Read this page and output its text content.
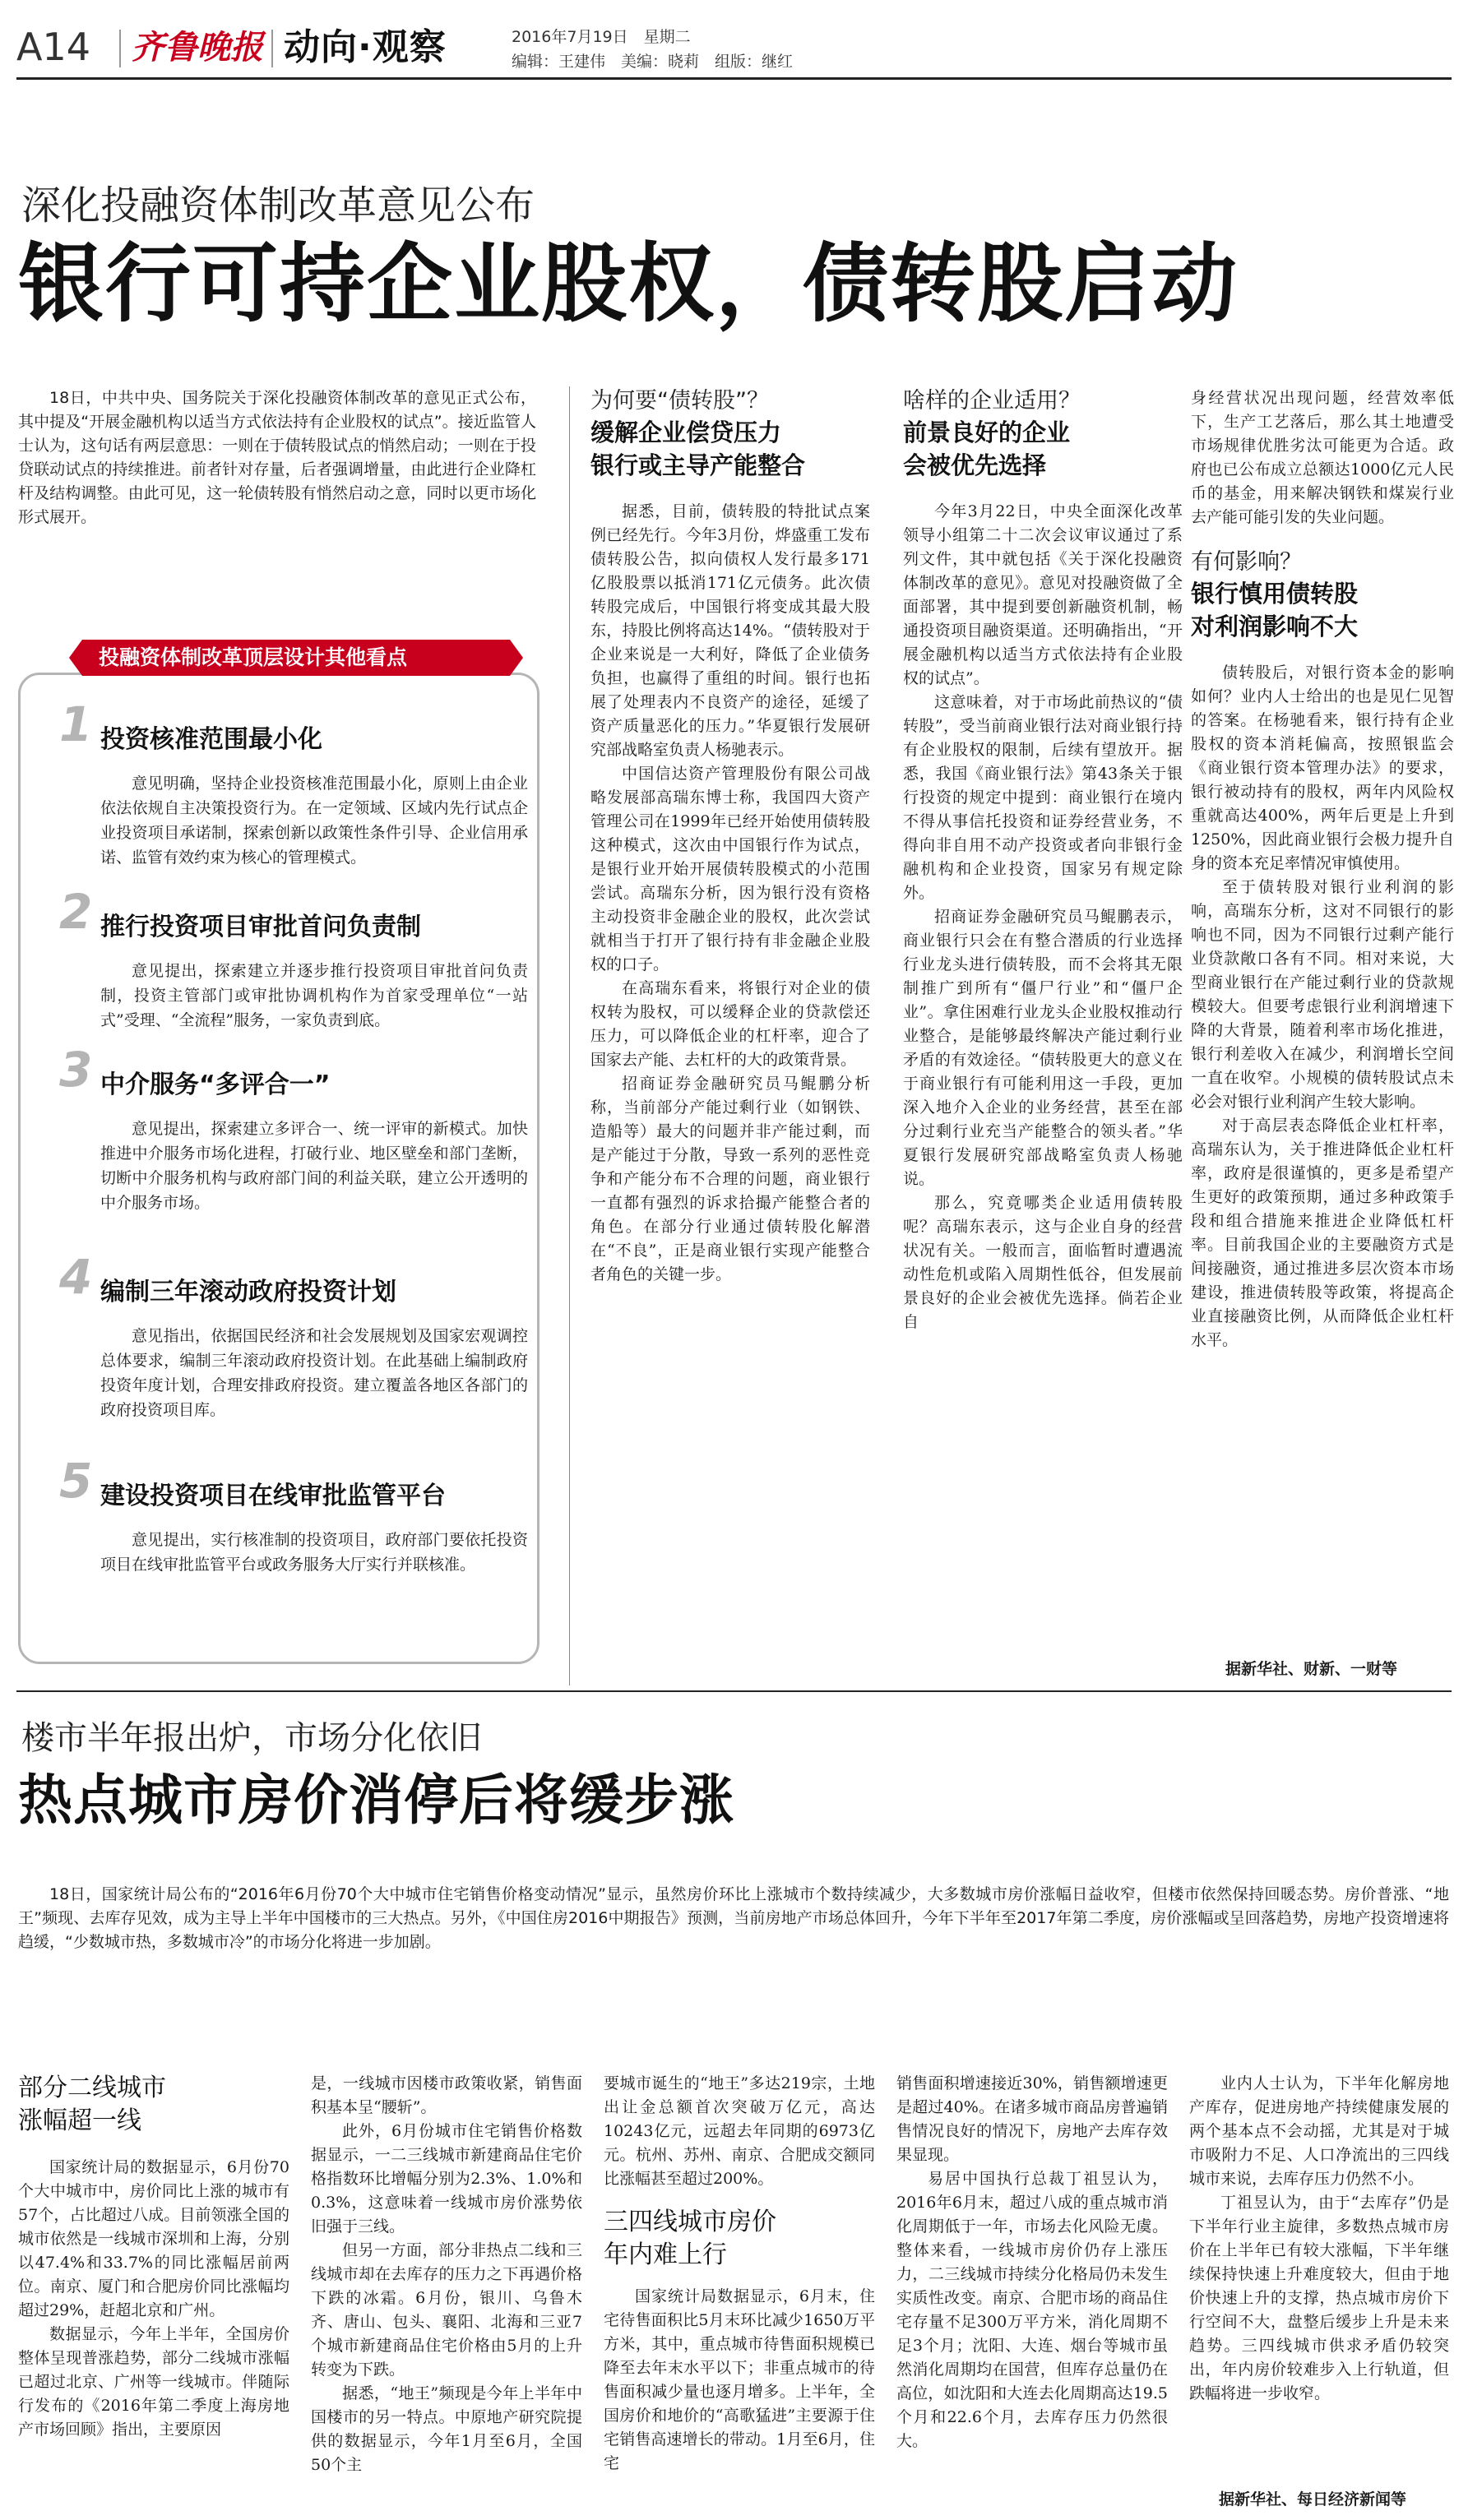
A14 齐鲁晚报 动向·观察	2016年7月19日　星期二
编辑：王建伟　美编：晓莉　组版：继红
深化投融资体制改革意见公布
银行可持企业股权，债转股启动

18日，中共中央、国务院关于深化投融资体制改革的意见正式公布，其中提及“开展金融机构以适当方式依法持有企业股权的试点”。接近监管人士认为，这句话有两层意思：一则在于债转股试点的悄然启动；一则在于投贷联动试点的持续推进。前者针对存量，后者强调增量，由此进行企业降杠杆及结构调整。由此可见，这一轮债转股有悄然启动之意，同时以更市场化形式展开。

投融资体制改革顶层设计其他看点
1 投资核准范围最小化

意见明确，坚持企业投资核准范围最小化，原则上由企业依法依规自主决策投资行为。在一定领域、区域内先行试点企业投资项目承诺制，探索创新以政策性条件引导、企业信用承诺、监管有效约束为核心的管理模式。

2 推行投资项目审批首问负责制

意见提出，探索建立并逐步推行投资项目审批首问负责制，投资主管部门或审批协调机构作为首家受理单位“一站式”受理、“全流程”服务，一家负责到底。

3 中介服务“多评合一”

意见提出，探索建立多评合一、统一评审的新模式。加快推进中介服务市场化进程，打破行业、地区壁垒和部门垄断，切断中介服务机构与政府部门间的利益关联，建立公开透明的中介服务市场。

4 编制三年滚动政府投资计划

意见指出，依据国民经济和社会发展规划及国家宏观调控总体要求，编制三年滚动政府投资计划。在此基础上编制政府投资年度计划，合理安排政府投资。建立覆盖各地区各部门的政府投资项目库。

5 建设投资项目在线审批监管平台

意见提出，实行核准制的投资项目，政府部门要依托投资项目在线审批监管平台或政务服务大厅实行并联核准。

为何要“债转股”？
缓解企业偿贷压力
银行或主导产能整合

据悉，目前，债转股的特批试点案例已经先行。今年3月份，烨盛重工发布债转股公告，拟向债权人发行最多171亿股股票以抵消171亿元债务。此次债转股完成后，中国银行将变成其最大股东，持股比例将高达14%。“债转股对于企业来说是一大利好，降低了企业债务负担，也赢得了重组的时间。银行也拓展了处理表内不良资产的途径，延缓了资产质量恶化的压力。”华夏银行发展研究部战略室负责人杨驰表示。

中国信达资产管理股份有限公司战略发展部高瑞东博士称，我国四大资产管理公司在1999年已经开始使用债转股这种模式，这次由中国银行作为试点，是银行业开始开展债转股模式的小范围尝试。高瑞东分析，因为银行没有资格主动投资非金融企业的股权，此次尝试就相当于打开了银行持有非金融企业股权的口子。

在高瑞东看来，将银行对企业的债权转为股权，可以缓释企业的贷款偿还压力，可以降低企业的杠杆率，迎合了国家去产能、去杠杆的大的政策背景。

招商证券金融研究员马鲲鹏分析称，当前部分产能过剩行业（如钢铁、造船等）最大的问题并非产能过剩，而是产能过于分散，导致一系列的恶性竞争和产能分布不合理的问题，商业银行一直都有强烈的诉求拾撮产能整合者的角色。在部分行业通过债转股化解潜在“不良”，正是商业银行实现产能整合者角色的关键一步。

啥样的企业适用？
前景良好的企业
会被优先选择

今年3月22日，中央全面深化改革领导小组第二十二次会议审议通过了系列文件，其中就包括《关于深化投融资体制改革的意见》。意见对投融资做了全面部署，其中提到要创新融资机制，畅通投资项目融资渠道。还明确指出，“开展金融机构以适当方式依法持有企业股权的试点”。

这意味着，对于市场此前热议的“债转股”，受当前商业银行法对商业银行持有企业股权的限制，后续有望放开。据悉，我国《商业银行法》第43条关于银行投资的规定中提到：商业银行在境内不得从事信托投资和证券经营业务，不得向非自用不动产投资或者向非银行金融机构和企业投资，国家另有规定除外。

招商证券金融研究员马鲲鹏表示，商业银行只会在有整合潜质的行业选择行业龙头进行债转股，而不会将其无限制推广到所有“僵尸行业”和“僵尸企业”。拿住困难行业龙头企业股权推动行业整合，是能够最终解决产能过剩行业矛盾的有效途径。“债转股更大的意义在于商业银行有可能利用这一手段，更加深入地介入企业的业务经营，甚至在部分过剩行业充当产能整合的领头者。”华夏银行发展研究部战略室负责人杨驰说。

那么，究竟哪类企业适用债转股呢？高瑞东表示，这与企业自身的经营状况有关。一般而言，面临暂时遭遇流动性危机或陷入周期性低谷，但发展前景良好的企业会被优先选择。倘若企业自

身经营状况出现问题，经营效率低下，生产工艺落后，那么其土地遭受市场规律优胜劣汰可能更为合适。政府也已公布成立总额达1000亿元人民币的基金，用来解决钢铁和煤炭行业去产能可能引发的失业问题。

有何影响？
银行慎用债转股
对利润影响不大

债转股后，对银行资本金的影响如何？业内人士给出的也是见仁见智的答案。在杨驰看来，银行持有企业股权的资本消耗偏高，按照银监会《商业银行资本管理办法》的要求，银行被动持有的股权，两年内风险权重就高达400%，两年后更是上升到1250%，因此商业银行会极力提升自身的资本充足率情况审慎使用。

至于债转股对银行业利润的影响，高瑞东分析，这对不同银行的影响也不同，因为不同银行过剩产能行业贷款敞口各有不同。相对来说，大型商业银行在产能过剩行业的贷款规模较大。但要考虑银行业利润增速下降的大背景，随着利率市场化推进，银行利差收入在减少，利润增长空间一直在收窄。小规模的债转股试点未必会对银行业利润产生较大影响。

对于高层表态降低企业杠杆率，高瑞东认为，关于推进降低企业杠杆率，政府是很谨慎的，更多是希望产生更好的政策预期，通过多种政策手段和组合措施来推进企业降低杠杆率。目前我国企业的主要融资方式是间接融资，通过推进多层次资本市场建设，推进债转股等政策，将提高企业直接融资比例，从而降低企业杠杆水平。

据新华社、财新、一财等
楼市半年报出炉，市场分化依旧
热点城市房价消停后将缓步涨

18日，国家统计局公布的“2016年6月份70个大中城市住宅销售价格变动情况”显示，虽然房价环比上涨城市个数持续减少，大多数城市房价涨幅日益收窄，但楼市依然保持回暖态势。房价普涨、“地王”频现、去库存见效，成为主导上半年中国楼市的三大热点。另外，《中国住房2016中期报告》预测，当前房地产市场总体回升，今年下半年至2017年第二季度，房价涨幅或呈回落趋势，房地产投资增速将趋缓，“少数城市热，多数城市冷”的市场分化将进一步加剧。

部分二线城市
涨幅超一线

国家统计局的数据显示，6月份70个大中城市中，房价同比上涨的城市有57个，占比超过八成。目前领涨全国的城市依然是一线城市深圳和上海，分别以47.4%和33.7%的同比涨幅居前两位。南京、厦门和合肥房价同比涨幅均超过29%，赶超北京和广州。

数据显示，今年上半年，全国房价整体呈现普涨趋势，部分二线城市涨幅已超过北京、广州等一线城市。伴随际行发布的《2016年第二季度上海房地产市场回顾》指出，主要原因

是，一线城市因楼市政策收紧，销售面积基本呈“腰斩”。

此外，6月份城市住宅销售价格数据显示，一二三线城市新建商品住宅价格指数环比增幅分别为2.3%、1.0%和0.3%，这意味着一线城市房价涨势依旧强于三线。

但另一方面，部分非热点二线和三线城市却在去库存的压力之下再遇价格下跌的冰霜。6月份，银川、乌鲁木齐、唐山、包头、襄阳、北海和三亚7个城市新建商品住宅价格由5月的上升转变为下跌。

据悉，“地王”频现是今年上半年中国楼市的另一特点。中原地产研究院提供的数据显示，今年1月至6月，全国50个主

要城市诞生的“地王”多达219宗，土地出让金总额首次突破万亿元，高达10243亿元，远超去年同期的6973亿元。杭州、苏州、南京、合肥成交额同比涨幅甚至超过200%。

三四线城市房价
年内难上行

国家统计局数据显示，6月末，住宅待售面积比5月末环比减少1650万平方米，其中，重点城市待售面积规模已降至去年末水平以下；非重点城市的待售面积减少量也逐月增多。上半年，全国房价和地价的“高歌猛进”主要源于住宅销售高速增长的带动。1月至6月，住宅

销售面积增速接近30%，销售额增速更是超过40%。在诸多城市商品房普遍销售情况良好的情况下，房地产去库存效果显现。

易居中国执行总裁丁祖昱认为，2016年6月末，超过八成的重点城市消化周期低于一年，市场去化风险无虞。整体来看，一线城市房价仍存上涨压力，二三线城市持续分化格局仍未发生实质性改变。南京、合肥市场的商品住宅存量不足300万平方米，消化周期不足3个月；沈阳、大连、烟台等城市虽然消化周期均在国营，但库存总量仍在高位，如沈阳和大连去化周期高达19.5个月和22.6个月，去库存压力仍然很大。

业内人士认为，下半年化解房地产库存，促进房地产持续健康发展的两个基本点不会动摇，尤其是对于城市吸附力不足、人口净流出的三四线城市来说，去库存压力仍然不小。

丁祖昱认为，由于“去库存”仍是下半年行业主旋律，多数热点城市房价在上半年已有较大涨幅，下半年继续保持快速上升难度较大，但由于地价快速上升的支撑，热点城市房价下行空间不大，盘整后缓步上升是未来趋势。三四线城市供求矛盾仍较突出，年内房价较难步入上行轨道，但跌幅将进一步收窄。

据新华社、每日经济新闻等
